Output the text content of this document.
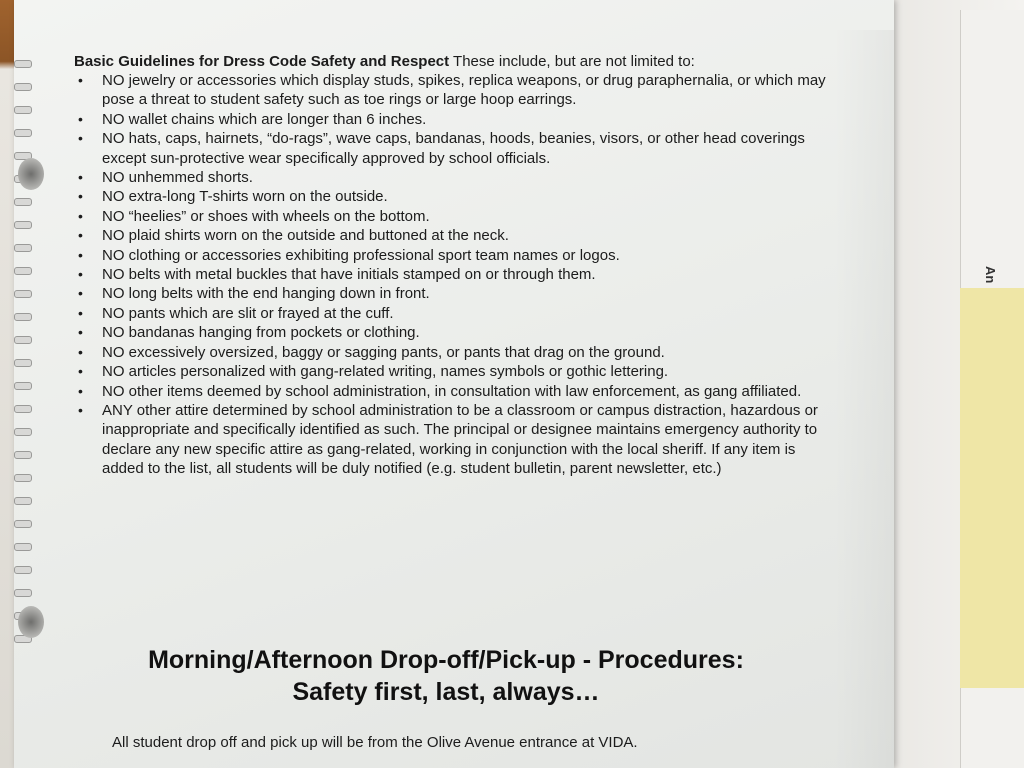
An
Basic Guidelines for Dress Code Safety and Respect These include, but are not limited to:
• NO jewelry or accessories which display studs, spikes, replica weapons, or drug paraphernalia, or which may pose a threat to student safety such as toe rings or large hoop earrings.
• NO wallet chains which are longer than 6 inches.
• NO hats, caps, hairnets, “do-rags”, wave caps, bandanas, hoods, beanies, visors, or other head coverings except sun-protective wear specifically approved by school officials.
• NO unhemmed shorts.
• NO extra-long T-shirts worn on the outside.
• NO “heelies” or shoes with wheels on the bottom.
• NO plaid shirts worn on the outside and buttoned at the neck.
• NO clothing or accessories exhibiting professional sport team names or logos.
• NO belts with metal buckles that have initials stamped on or through them.
• NO long belts with the end hanging down in front.
• NO pants which are slit or frayed at the cuff.
• NO bandanas hanging from pockets or clothing.
• NO excessively oversized, baggy or sagging pants, or pants that drag on the ground.
• NO articles personalized with gang-related writing, names symbols or gothic lettering.
• NO other items deemed by school administration, in consultation with law enforcement, as gang affiliated.
• ANY other attire determined by school administration to be a classroom or campus distraction, hazardous or inappropriate and specifically identified as such. The principal or designee maintains emergency authority to declare any new specific attire as gang-related, working in conjunction with the local sheriff. If any item is added to the list, all students will be duly notified (e.g. student bulletin, parent newsletter, etc.)
Morning/Afternoon Drop-off/Pick-up - Procedures:
Safety first, last, always…
All student drop off and pick up will be from the Olive Avenue entrance at VIDA.
